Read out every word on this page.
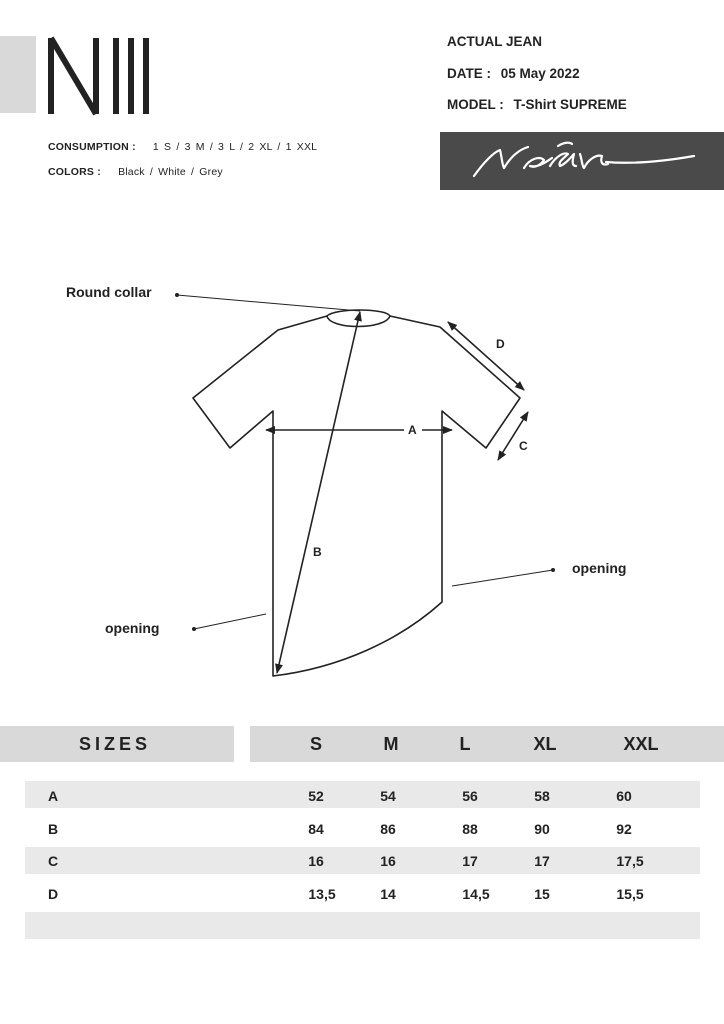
ACTUAL JEAN
DATE : 05 May 2022
MODEL : T-Shirt SUPREME
CONSUMPTION : 1 S / 3 M / 3 L / 2 XL / 1 XXL
COLORS : Black / White / Grey
Round collar
opening
opening
A
B
C
D
SIZES	S	M	L	XL	XXL
A	52	54	56	58	60
B	84	86	88	90	92
C	16	16	17	17	17,5
D	13,5	14	14,5	15	15,5
